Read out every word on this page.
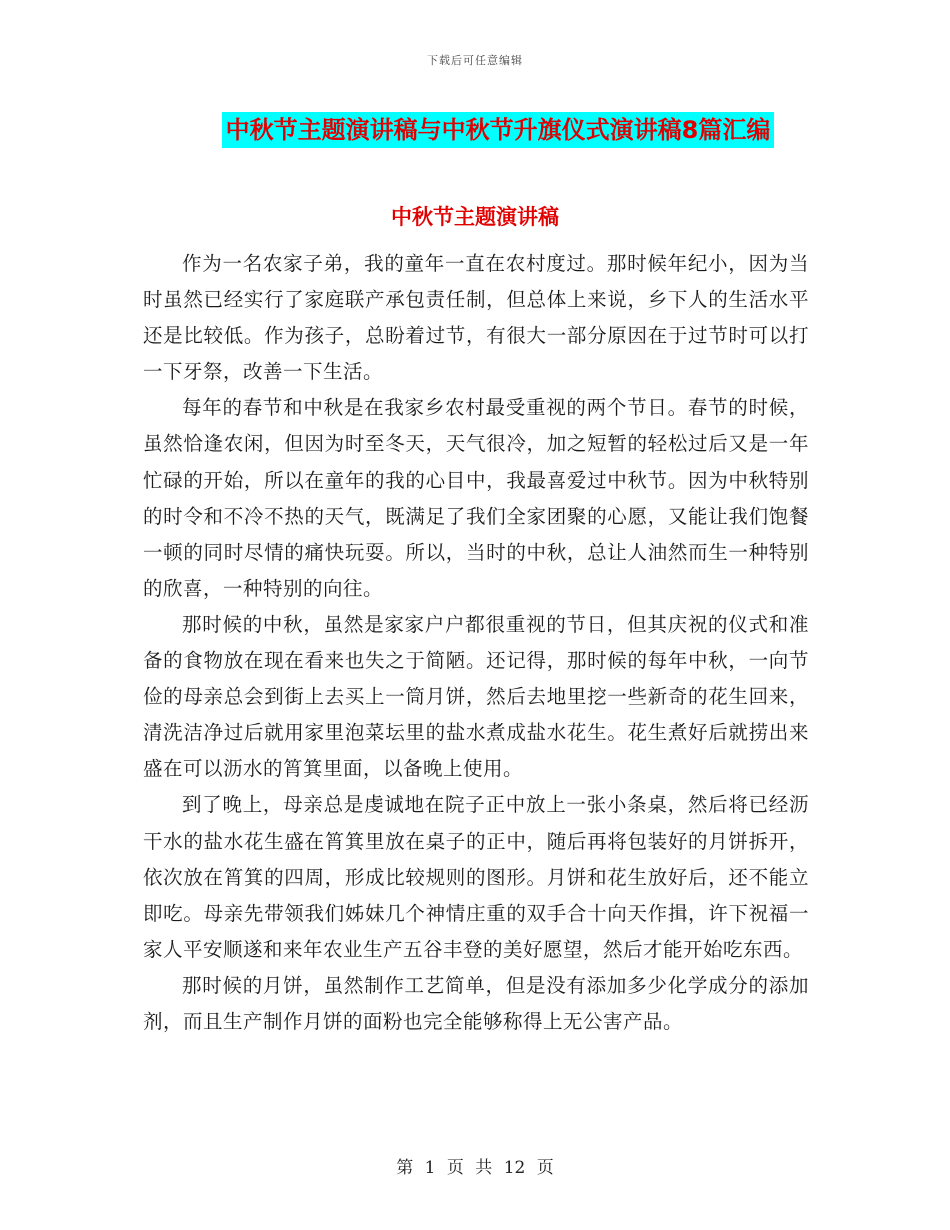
下载后可任意编辑
中秋节主题演讲稿与中秋节升旗仪式演讲稿8篇汇编
中秋节主题演讲稿

作为一名农家子弟，我的童年一直在农村度过。那时候年纪小，因为当时虽然已经实行了家庭联产承包责任制，但总体上来说，乡下人的生活水平还是比较低。作为孩子，总盼着过节，有很大一部分原因在于过节时可以打一下牙祭，改善一下生活。

每年的春节和中秋是在我家乡农村最受重视的两个节日。春节的时候，虽然恰逢农闲，但因为时至冬天，天气很冷，加之短暂的轻松过后又是一年忙碌的开始，所以在童年的我的心目中，我最喜爱过中秋节。因为中秋特别的时令和不冷不热的天气，既满足了我们全家团聚的心愿，又能让我们饱餐一顿的同时尽情的痛快玩耍。所以，当时的中秋，总让人油然而生一种特别的欣喜，一种特别的向往。

那时候的中秋，虽然是家家户户都很重视的节日，但其庆祝的仪式和准备的食物放在现在看来也失之于简陋。还记得，那时候的每年中秋，一向节俭的母亲总会到街上去买上一筒月饼，然后去地里挖一些新奇的花生回来，清洗洁净过后就用家里泡菜坛里的盐水煮成盐水花生。花生煮好后就捞出来盛在可以沥水的筲箕里面，以备晚上使用。

到了晚上，母亲总是虔诚地在院子正中放上一张小条桌，然后将已经沥干水的盐水花生盛在筲箕里放在桌子的正中，随后再将包装好的月饼拆开，依次放在筲箕的四周，形成比较规则的图形。月饼和花生放好后，还不能立即吃。母亲先带领我们姊妹几个神情庄重的双手合十向天作揖，许下祝福一家人平安顺遂和来年农业生产五谷丰登的美好愿望，然后才能开始吃东西。

那时候的月饼，虽然制作工艺简单，但是没有添加多少化学成分的添加剂，而且生产制作月饼的面粉也完全能够称得上无公害产品。

第 1 页 共 12 页
